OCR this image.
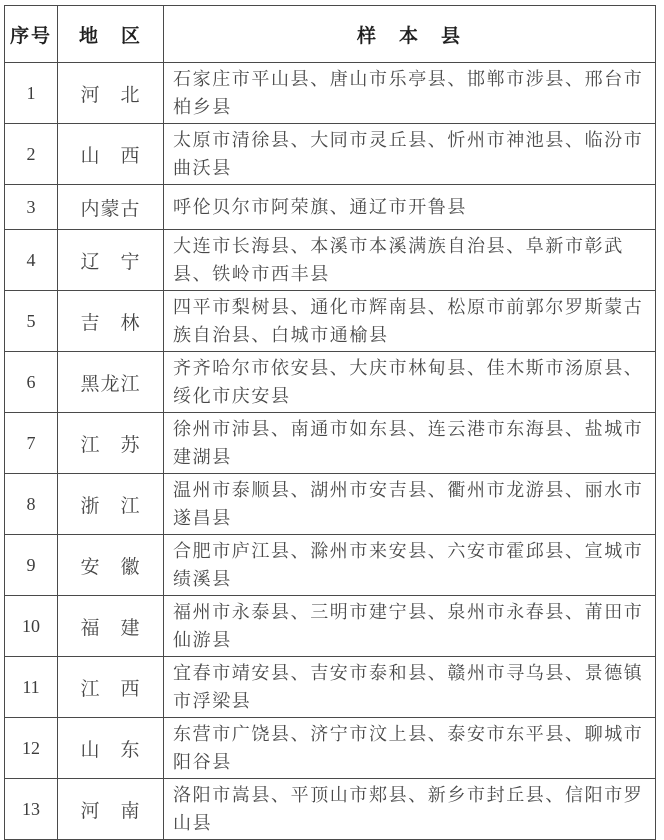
序号	地　区	样　本　县
1	河　北	石家庄市平山县、唐山市乐亭县、邯郸市涉县、邢台市柏乡县
2	山　西	太原市清徐县、大同市灵丘县、忻州市神池县、临汾市曲沃县
3	内蒙古	呼伦贝尔市阿荣旗、通辽市开鲁县
4	辽　宁	大连市长海县、本溪市本溪满族自治县、阜新市彰武县、铁岭市西丰县
5	吉　林	四平市梨树县、通化市辉南县、松原市前郭尔罗斯蒙古族自治县、白城市通榆县
6	黑龙江	齐齐哈尔市依安县、大庆市林甸县、佳木斯市汤原县、绥化市庆安县
7	江　苏	徐州市沛县、南通市如东县、连云港市东海县、盐城市建湖县
8	浙　江	温州市泰顺县、湖州市安吉县、衢州市龙游县、丽水市遂昌县
9	安　徽	合肥市庐江县、滁州市来安县、六安市霍邱县、宣城市绩溪县
10	福　建	福州市永泰县、三明市建宁县、泉州市永春县、莆田市仙游县
11	江　西	宜春市靖安县、吉安市泰和县、赣州市寻乌县、景德镇市浮梁县
12	山　东	东营市广饶县、济宁市汶上县、泰安市东平县、聊城市阳谷县
13	河　南	洛阳市嵩县、平顶山市郏县、新乡市封丘县、信阳市罗山县
